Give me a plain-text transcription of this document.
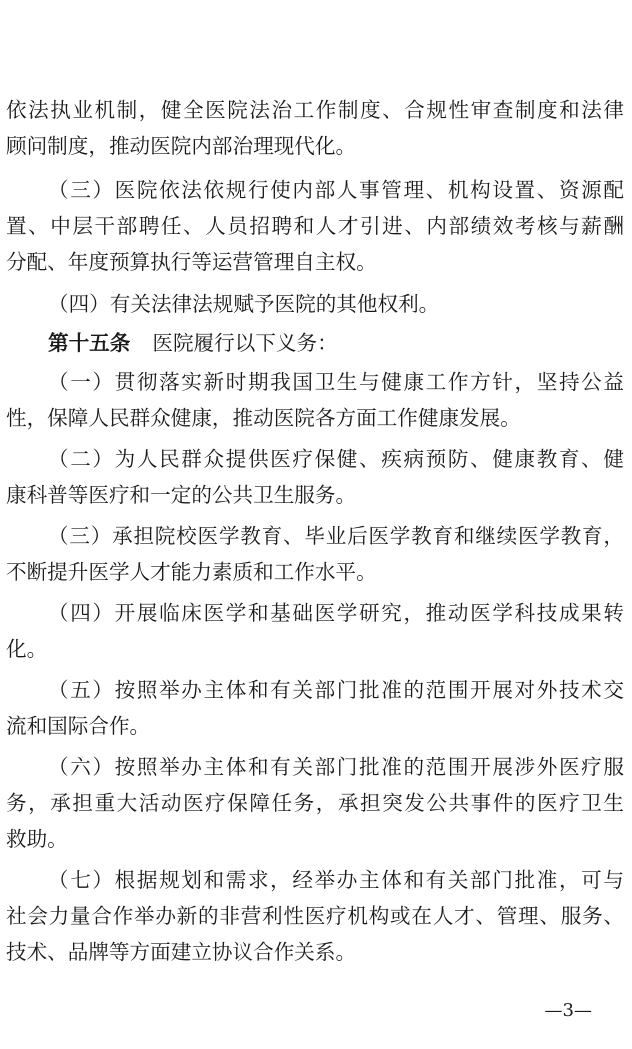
依法执业机制，健全医院法治工作制度、合规性审查制度和法律
顾问制度，推动医院内部治理现代化。
（三）医院依法依规行使内部人事管理、机构设置、资源配
置、中层干部聘任、人员招聘和人才引进、内部绩效考核与薪酬
分配、年度预算执行等运营管理自主权。
（四）有关法律法规赋予医院的其他权利。
第十五条 医院履行以下义务：
（一）贯彻落实新时期我国卫生与健康工作方针，坚持公益
性，保障人民群众健康，推动医院各方面工作健康发展。
（二）为人民群众提供医疗保健、疾病预防、健康教育、健
康科普等医疗和一定的公共卫生服务。
（三）承担院校医学教育、毕业后医学教育和继续医学教育，
不断提升医学人才能力素质和工作水平。
（四）开展临床医学和基础医学研究，推动医学科技成果转
化。
（五）按照举办主体和有关部门批准的范围开展对外技术交
流和国际合作。
（六）按照举办主体和有关部门批准的范围开展涉外医疗服
务，承担重大活动医疗保障任务，承担突发公共事件的医疗卫生
救助。
（七）根据规划和需求，经举办主体和有关部门批准，可与
社会力量合作举办新的非营利性医疗机构或在人才、管理、服务、
技术、品牌等方面建立协议合作关系。
—3—
